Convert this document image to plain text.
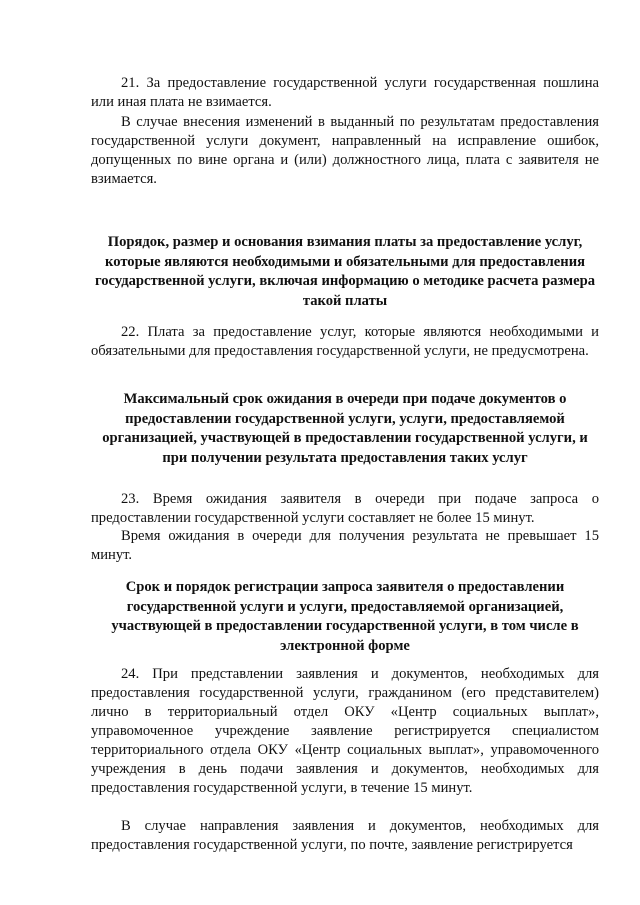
21. За предоставление государственной услуги государственная пошлина или иная плата не взимается.

В случае внесения изменений в выданный по результатам предоставления государственной услуги документ, направленный на исправление ошибок, допущенных по вине органа и (или) должностного лица, плата с заявителя не взимается.

Порядок, размер и основания взимания платы за предоставление услуг, которые являются необходимыми и обязательными для предоставления государственной услуги, включая информацию о методике расчета размера такой платы

22. Плата за предоставление услуг, которые являются необходимыми и обязательными для предоставления государственной услуги, не предусмотрена.

Максимальный срок ожидания в очереди при подаче документов о предоставлении государственной услуги, услуги, предоставляемой организацией, участвующей в предоставлении государственной услуги, и при получении результата предоставления таких услуг

23. Время ожидания заявителя в очереди при подаче запроса о предоставлении государственной услуги составляет не более 15 минут.

Время ожидания в очереди для получения результата не превышает 15 минут.

Срок и порядок регистрации запроса заявителя о предоставлении государственной услуги и услуги, предоставляемой организацией, участвующей в предоставлении государственной услуги, в том числе в электронной форме

24. При представлении заявления и документов, необходимых для предоставления государственной услуги, гражданином (его представителем) лично в территориальный отдел ОКУ «Центр социальных выплат», управомоченное учреждение заявление регистрируется специалистом территориального отдела ОКУ «Центр социальных выплат», управомоченного учреждения в день подачи заявления и документов, необходимых для предоставления государственной услуги, в течение 15 минут.

В случае направления заявления и документов, необходимых для предоставления государственной услуги, по почте, заявление регистрируется
